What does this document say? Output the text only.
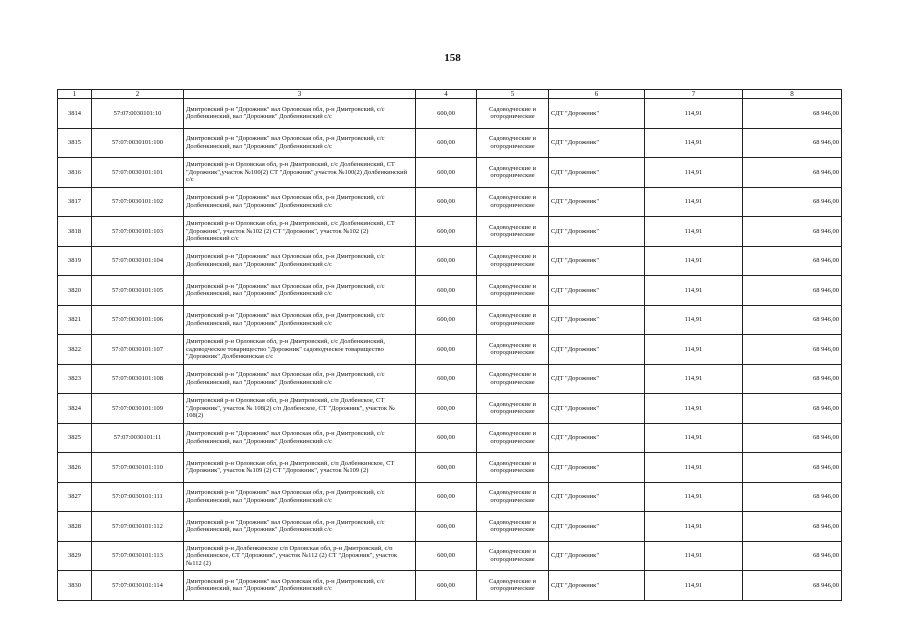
158
1	2	3	4	5	6	7	8
3814	57:07:0030101:10	Дмитровский р-н "Дорожник" вал Орловская обл, р-н Дмитровский, с/с Долбенкинский, вал "Дорожник" Долбенкинский с/с	600,00	Садоводческие и огороднические	СДТ "Дорожник"	114,91	68 946,00
3815	57:07:0030101:100	Дмитровский р-н "Дорожник" вал Орловская обл, р-н Дмитровский, с/с Долбенкинский, вал "Дорожник" Долбенкинский с/с	600,00	Садоводческие и огороднические	СДТ "Дорожник"	114,91	68 946,00
3816	57:07:0030101:101	Дмитровский р-н Орловская обл, р-н Дмитровский, с/с Долбенкинский, СТ "Дорожник",участок №100(2) СТ "Дорожник",участок №100(2) Долбенкинский с/с	600,00	Садоводческие и огороднические	СДТ "Дорожник"	114,91	68 946,00
3817	57:07:0030101:102	Дмитровский р-н "Дорожник" вал Орловская обл, р-н Дмитровский, с/с Долбенкинский, вал "Дорожник" Долбенкинский с/с	600,00	Садоводческие и огороднические	СДТ "Дорожник"	114,91	68 946,00
3818	57:07:0030101:103	Дмитровский р-н Орловская обл, р-н Дмитровский, с/с Долбенкинский, СТ "Дорожник", участок №102 (2) СТ "Дорожник", участок №102 (2) Долбенкинский с/с	600,00	Садоводческие и огороднические	СДТ "Дорожник"	114,91	68 946,00
3819	57:07:0030101:104	Дмитровский р-н "Дорожник" вал Орловская обл, р-н Дмитровский, с/с Долбенкинский, вал "Дорожник" Долбенкинский с/с	600,00	Садоводческие и огороднические	СДТ "Дорожник"	114,91	68 946,00
3820	57:07:0030101:105	Дмитровский р-н "Дорожник" вал Орловская обл, р-н Дмитровский, с/с Долбенкинский, вал "Дорожник" Долбенкинский с/с	600,00	Садоводческие и огороднические	СДТ "Дорожник"	114,91	68 946,00
3821	57:07:0030101:106	Дмитровский р-н "Дорожник" вал Орловская обл, р-н Дмитровский, с/с Долбенкинский, вал "Дорожник" Долбенкинский с/с	600,00	Садоводческие и огороднические	СДТ "Дорожник"	114,91	68 946,00
3822	57:07:0030101:107	Дмитровский р-н Орловская обл, р-н Дмитровский, с/с Долбенкинский, садоводческое товарищество "Дорожник" садоводческое товарищество "Дорожник" Долбенкинская с/с	600,00	Садоводческие и огороднические	СДТ "Дорожник"	114,91	68 946,00
3823	57:07:0030101:108	Дмитровский р-н "Дорожник" вал Орловская обл, р-н Дмитровский, с/с Долбенкинский, вал "Дорожник" Долбенкинский с/с	600,00	Садоводческие и огороднические	СДТ "Дорожник"	114,91	68 946,00
3824	57:07:0030101:109	Дмитровский р-н Орловская обл, р-н Дмитровский, с/п Долбенское, СТ "Дорожник", участок № 108(2) с/п Долбенское, СТ "Дорожник", участок № 108(2)	600,00	Садоводческие и огороднические	СДТ "Дорожник"	114,91	68 946,00
3825	57:07:0030101:11	Дмитровский р-н "Дорожник" вал Орловская обл, р-н Дмитровский, с/с Долбенкинский, вал "Дорожник" Долбенкинский с/с	600,00	Садоводческие и огороднические	СДТ "Дорожник"	114,91	68 946,00
3826	57:07:0030101:110	Дмитровский р-н Орловская обл, р-н Дмитровский, с/п Долбенкинское, СТ "Дорожник", участок №109 (2) СТ "Дорожник", участок №109 (2)	600,00	Садоводческие и огороднические	СДТ "Дорожник"	114,91	68 946,00
3827	57:07:0030101:111	Дмитровский р-н "Дорожник" вал Орловская обл, р-н Дмитровский, с/с Долбенкинский, вал "Дорожник" Долбенкинский с/с	600,00	Садоводческие и огороднические	СДТ "Дорожник"	114,91	68 946,00
3828	57:07:0030101:112	Дмитровский р-н "Дорожник" вал Орловская обл, р-н Дмитровский, с/с Долбенкинский, вал "Дорожник" Долбенкинский с/с	600,00	Садоводческие и огороднические	СДТ "Дорожник"	114,91	68 946,00
3829	57:07:0030101:113	Дмитровский р-н Долбенкинское с/п Орловская обл, р-н Дмитровский, с/п Долбенкинское, СТ "Дорожник", участок №112 (2) СТ "Дорожник", участок №112 (2)	600,00	Садоводческие и огороднические	СДТ "Дорожник"	114,91	68 946,00
3830	57:07:0030101:114	Дмитровский р-н "Дорожник" вал Орловская обл, р-н Дмитровский, с/с Долбенкинский, вал "Дорожник" Долбенкинский с/с	600,00	Садоводческие и огороднические	СДТ "Дорожник"	114,91	68 946,00
